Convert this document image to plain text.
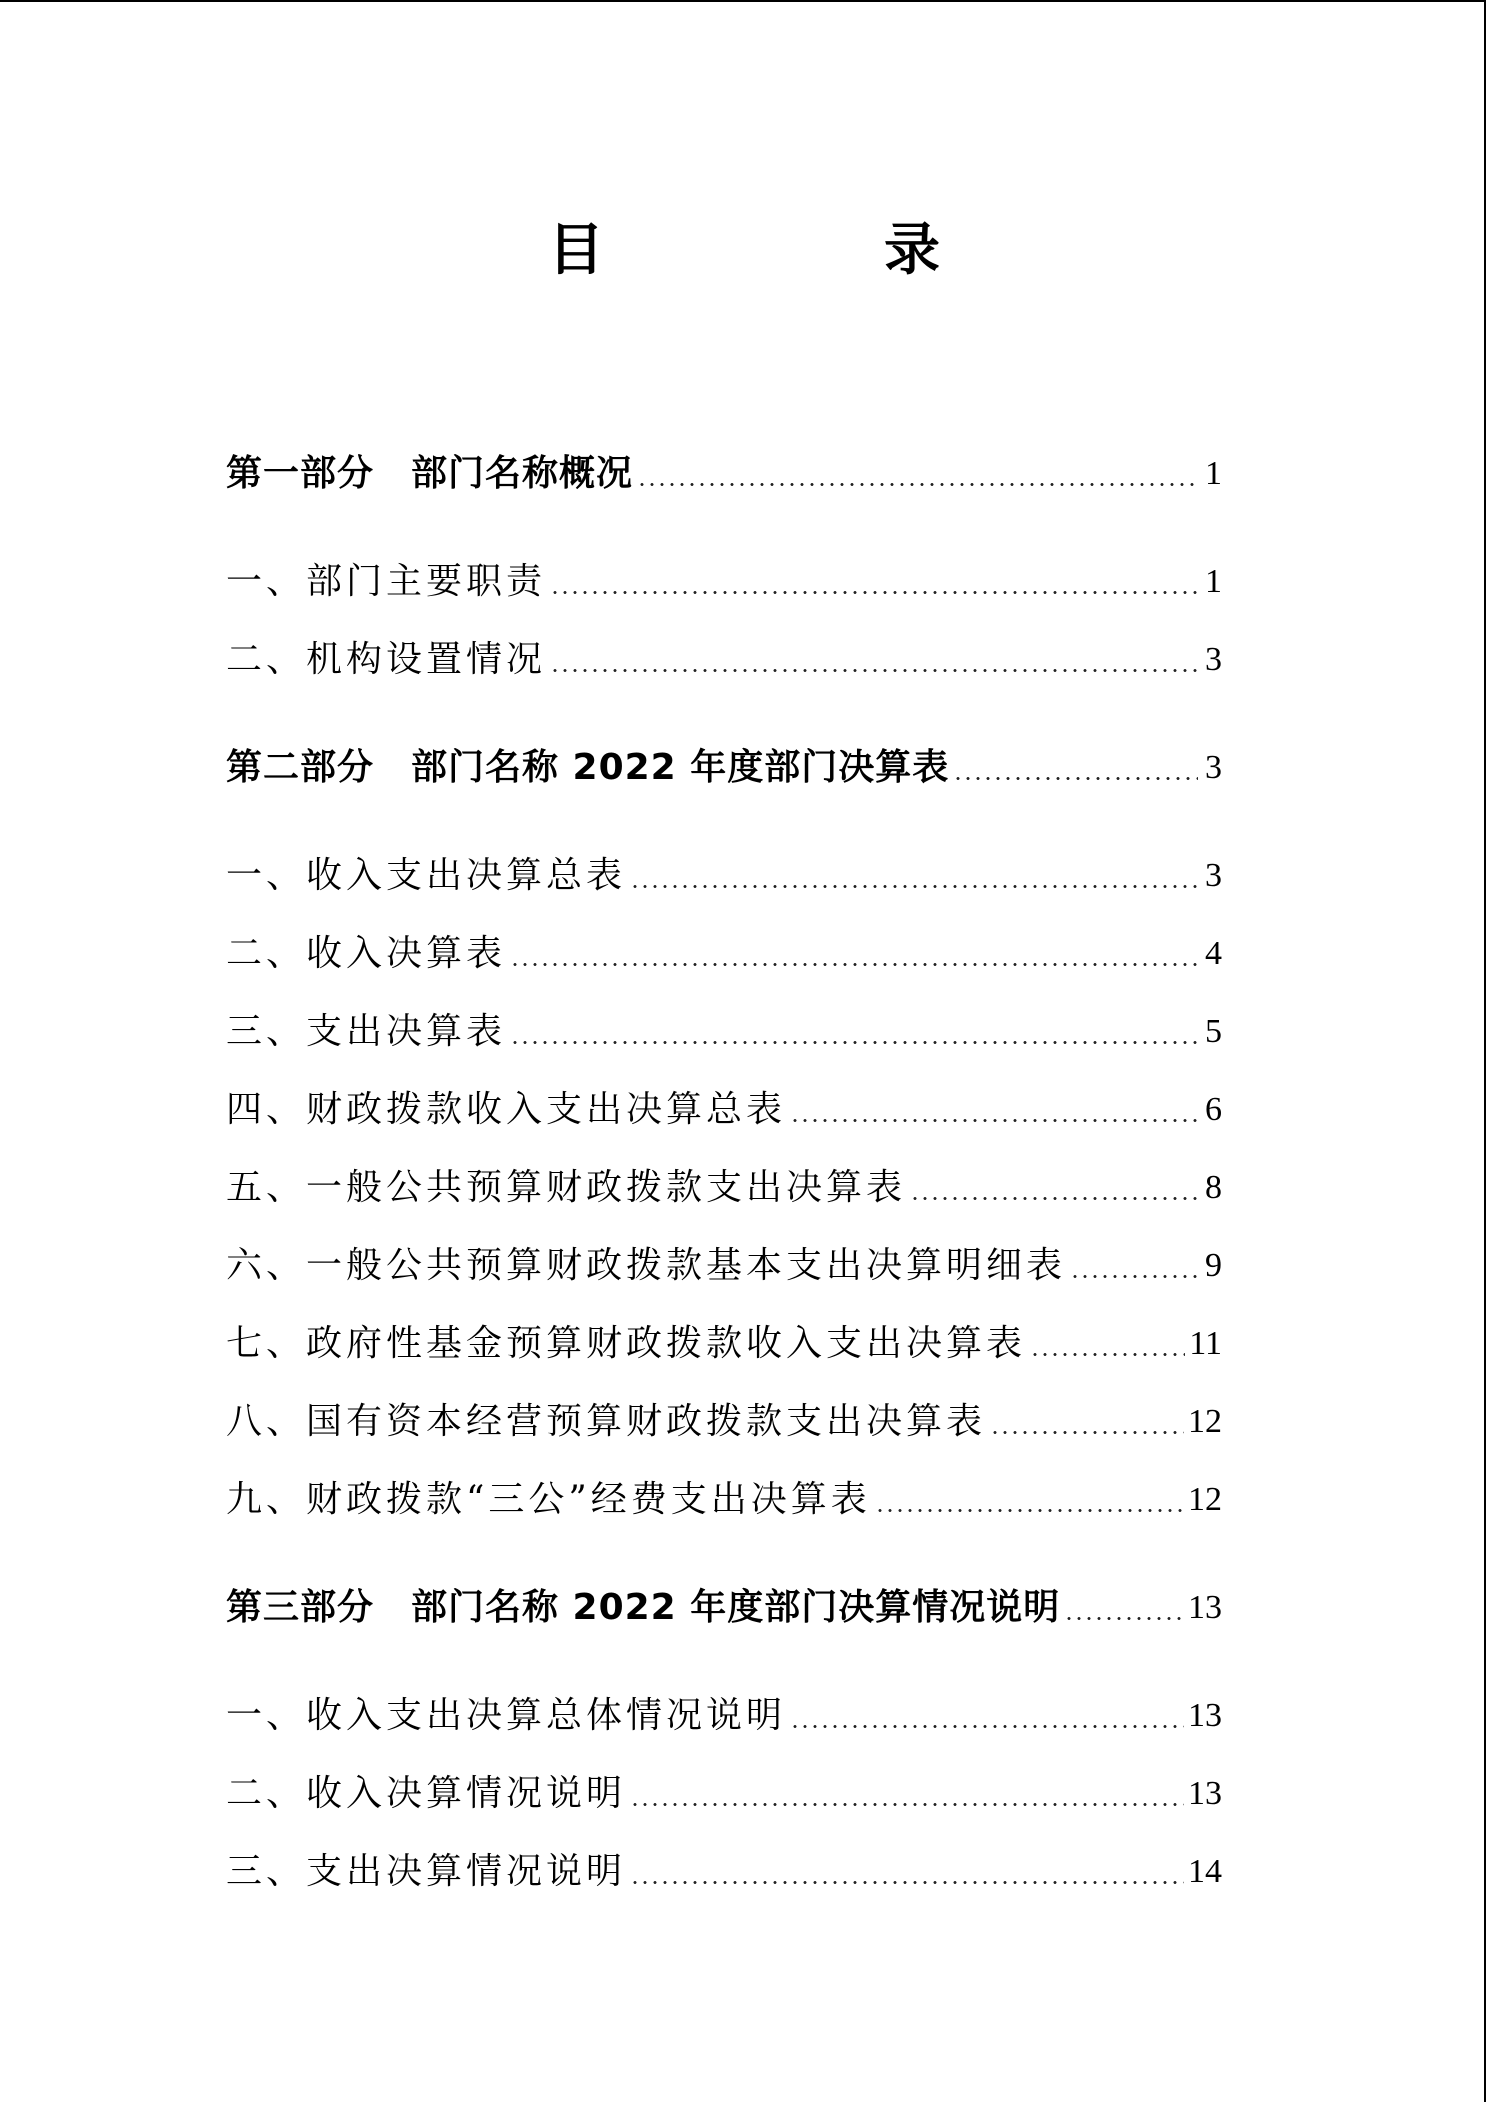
目　录
第一部分　部门名称概况	1
一、部门主要职责	1
二、机构设置情况	3
第二部分　部门名称 2022 年度部门决算表	3
一、收入支出决算总表	3
二、收入决算表	4
三、支出决算表	5
四、财政拨款收入支出决算总表	6
五、一般公共预算财政拨款支出决算表	8
六、一般公共预算财政拨款基本支出决算明细表	9
七、政府性基金预算财政拨款收入支出决算表	11
八、国有资本经营预算财政拨款支出决算表	12
九、财政拨款“三公”经费支出决算表	12
第三部分　部门名称 2022 年度部门决算情况说明	13
一、收入支出决算总体情况说明	13
二、收入决算情况说明	13
三、支出决算情况说明	14
